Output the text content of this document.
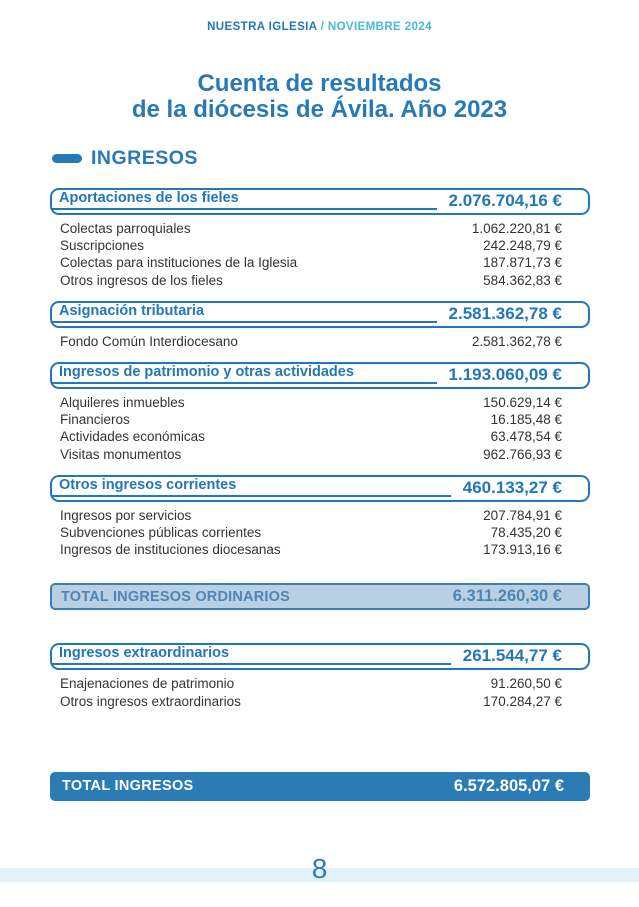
NUESTRA IGLESIA / NOVIEMBRE 2024
Cuenta de resultados
de la diócesis de Ávila. Año 2023
INGRESOS
Aportaciones de los fieles	2.076.704,16 €
Colectas parroquiales	1.062.220,81 €
Suscripciones	242.248,79 €
Colectas para instituciones de la Iglesia	187.871,73 €
Otros ingresos de los fieles	584.362,83 €
Asignación tributaria	2.581.362,78 €
Fondo Común Interdiocesano	2.581.362,78 €
Ingresos de patrimonio y otras actividades	1.193.060,09 €
Alquileres inmuebles	150.629,14 €
Financieros	16.185,48 €
Actividades económicas	63.478,54 €
Visitas monumentos	962.766,93 €
Otros ingresos corrientes	460.133,27 €
Ingresos por servicios	207.784,91 €
Subvenciones públicas corrientes	78.435,20 €
Ingresos de instituciones diocesanas	173.913,16 €
TOTAL INGRESOS ORDINARIOS	6.311.260,30 €
Ingresos extraordinarios	261.544,77 €
Enajenaciones de patrimonio	91.260,50 €
Otros ingresos extraordinarios	170.284,27 €
TOTAL INGRESOS	6.572.805,07 €
8
